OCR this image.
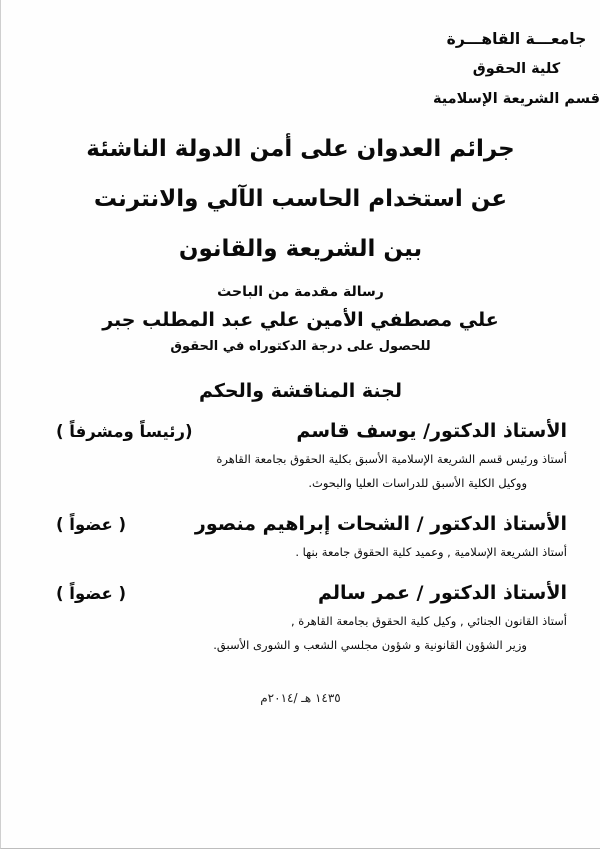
جامعـــة القاهـــرة
كلية الحقوق
قسم الشريعة الإسلامية
جرائم العدوان على أمن الدولة الناشئة
عن استخدام الحاسب الآلي والانترنت
بين الشريعة والقانون
رسالة مقدمة من الباحث
علي مصطفي الأمين علي عبد المطلب جبر
للحصول على درجة الدكتوراه في الحقوق
لجنة المناقشة والحكم
الأستاذ الدكتور/ يوسف قاسم
(رئيساً ومشرفاً )
أستاذ ورئيس قسم الشريعة الإسلامية الأسبق بكلية الحقوق بجامعة القاهرة
ووكيل الكلية الأسبق للدراسات العليا والبحوث.
الأستاذ الدكتور / الشحات إبراهيم منصور
( عضواً )
أستاذ الشريعة الإسلامية , وعميد كلية الحقوق جامعة بنها .
الأستاذ الدكتور / عمر سالم
( عضواً )
أستاذ القانون الجنائي , وكيل كلية الحقوق بجامعة القاهرة ,
وزير الشؤون القانونية و شؤون مجلسي الشعب و الشورى الأسبق.
١٤٣٥ هـ /٢٠١٤م
